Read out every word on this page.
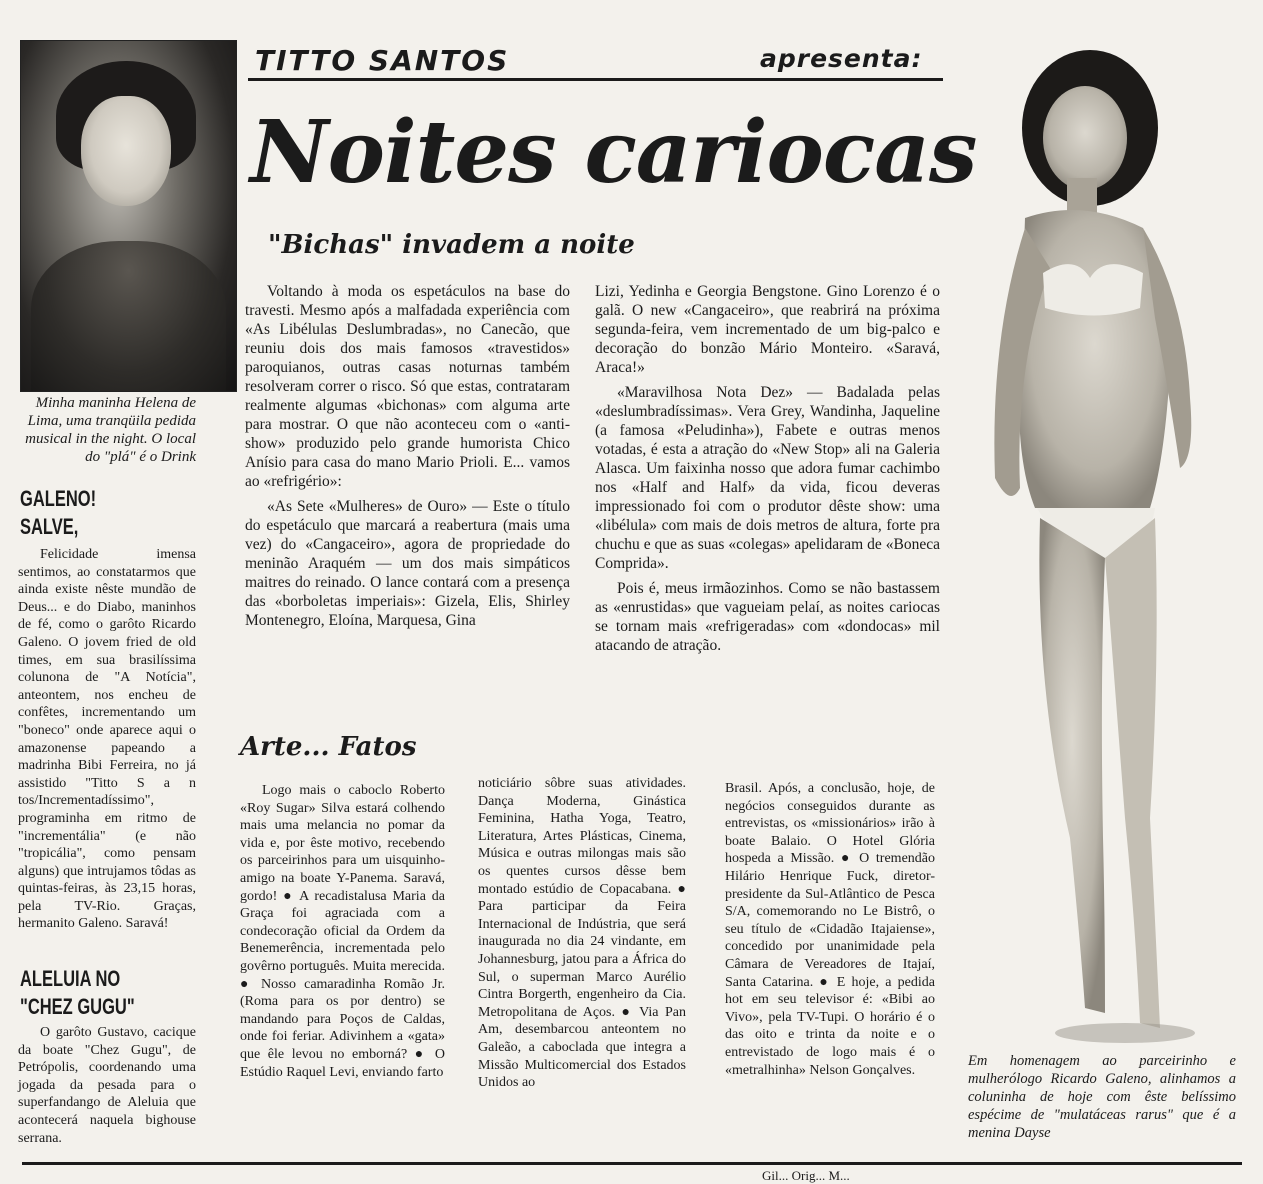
Minha maninha Helena de Lima, uma tranqüila pedida musical in the night. O local do "plá" é o Drink
GALENO!
SALVE,

Felicidade imensa sentimos, ao constatarmos que ainda existe nêste mundão de Deus... e do Diabo, maninhos de fé, como o garôto Ricardo Galeno. O jovem fried de old times, em sua brasilíssima colunona de "A Notícia", anteontem, nos encheu de confêtes, incrementando um "boneco" onde aparece aqui o amazonense papeando a madrinha Bibi Ferreira, no já assistido "Titto S a n tos/Incrementadíssimo", programinha em ritmo de "incrementália" (e não "tropicália", como pensam alguns) que intrujamos tôdas as quintas-feiras, às 23,15 horas, pela TV-Rio. Graças, hermanito Galeno. Saravá!

ALELUIA NO
"CHEZ GUGU"

O garôto Gustavo, cacique da boate "Chez Gugu", de Petrópolis, coordenando uma jogada da pesada para o superfandango de Aleluia que acontecerá naquela bighouse serrana.

TITTO SANTOS	apresenta:
Noites cariocas
"Bichas" invadem a noite

Voltando à moda os espetáculos na base do travesti. Mesmo após a malfadada experiência com «As Libélulas Deslumbradas», no Canecão, que reuniu dois dos mais famosos «travestidos» paroquianos, outras casas noturnas também resolveram correr o risco. Só que estas, contrataram realmente algumas «bichonas» com alguma arte para mostrar. O que não aconteceu com o «anti-show» produzido pelo grande humorista Chico Anísio para casa do mano Mario Prioli. E... vamos ao «refrigério»:

«As Sete «Mulheres» de Ouro» — Este o título do espetáculo que marcará a reabertura (mais uma vez) do «Cangaceiro», agora de propriedade do meninão Araquém — um dos mais simpáticos maitres do reinado. O lance contará com a presença das «borboletas imperiais»: Gizela, Elis, Shirley Montenegro, Eloína, Marquesa, Gina

Lizi, Yedinha e Georgia Bengstone. Gino Lorenzo é o galã. O new «Cangaceiro», que reabrirá na próxima segunda-feira, vem incrementado de um big-palco e decoração do bonzão Mário Monteiro. «Saravá, Araca!»

«Maravilhosa Nota Dez» — Badalada pelas «deslumbradíssimas». Vera Grey, Wandinha, Jaqueline (a famosa «Peludinha»), Fabete e outras menos votadas, é esta a atração do «New Stop» ali na Galeria Alasca. Um faixinha nosso que adora fumar cachimbo nos «Half and Half» da vida, ficou deveras impressionado foi com o produtor dêste show: uma «libélula» com mais de dois metros de altura, forte pra chuchu e que as suas «colegas» apelidaram de «Boneca Comprida».

Pois é, meus irmãozinhos. Como se não bastassem as «enrustidas» que vagueiam pelaí, as noites cariocas se tornam mais «refrigeradas» com «dondocas» mil atacando de atração.

Arte... Fatos

Logo mais o caboclo Roberto «Roy Sugar» Silva estará colhendo mais uma melancia no pomar da vida e, por êste motivo, recebendo os parceirinhos para um uisquinho-amigo na boate Y-Panema. Saravá, gordo! ● A recadistalusa Maria da Graça foi agraciada com a condecoração oficial da Ordem da Benemerência, incrementada pelo govêrno português. Muita merecida. ● Nosso camaradinha Romão Jr. (Roma para os por dentro) se mandando para Poços de Caldas, onde foi feriar. Adivinhem a «gata» que êle levou no emborná? ● O Estúdio Raquel Levi, enviando farto

noticiário sôbre suas atividades. Dança Moderna, Ginástica Feminina, Hatha Yoga, Teatro, Literatura, Artes Plásticas, Cinema, Música e outras milongas mais são os quentes cursos dêsse bem montado estúdio de Copacabana. ● Para participar da Feira Internacional de Indústria, que será inaugurada no dia 24 vindante, em Johannesburg, jatou para a África do Sul, o superman Marco Aurélio Cintra Borgerth, engenheiro da Cia. Metropolitana de Aços. ● Via Pan Am, desembarcou anteontem no Galeão, a caboclada que integra a Missão Multicomercial dos Estados Unidos ao

Brasil. Após, a conclusão, hoje, de negócios conseguidos durante as entrevistas, os «missionários» irão à boate Balaio. O Hotel Glória hospeda a Missão. ● O tremendão Hilário Henrique Fuck, diretor-presidente da Sul-Atlântico de Pesca S/A, comemorando no Le Bistrô, o seu título de «Cidadão Itajaiense», concedido por unanimidade pela Câmara de Vereadores de Itajaí, Santa Catarina. ● E hoje, a pedida hot em seu televisor é: «Bibi ao Vivo», pela TV-Tupi. O horário é o das oito e trinta da noite e o entrevistado de logo mais é o «metralhinha» Nelson Gonçalves.

Em homenagem ao parceirinho e mulherólogo Ricardo Galeno, alinhamos a coluninha de hoje com êste belíssimo espécime de "mulatáceas rarus" que é a menina Dayse
Gil... Orig... M...
